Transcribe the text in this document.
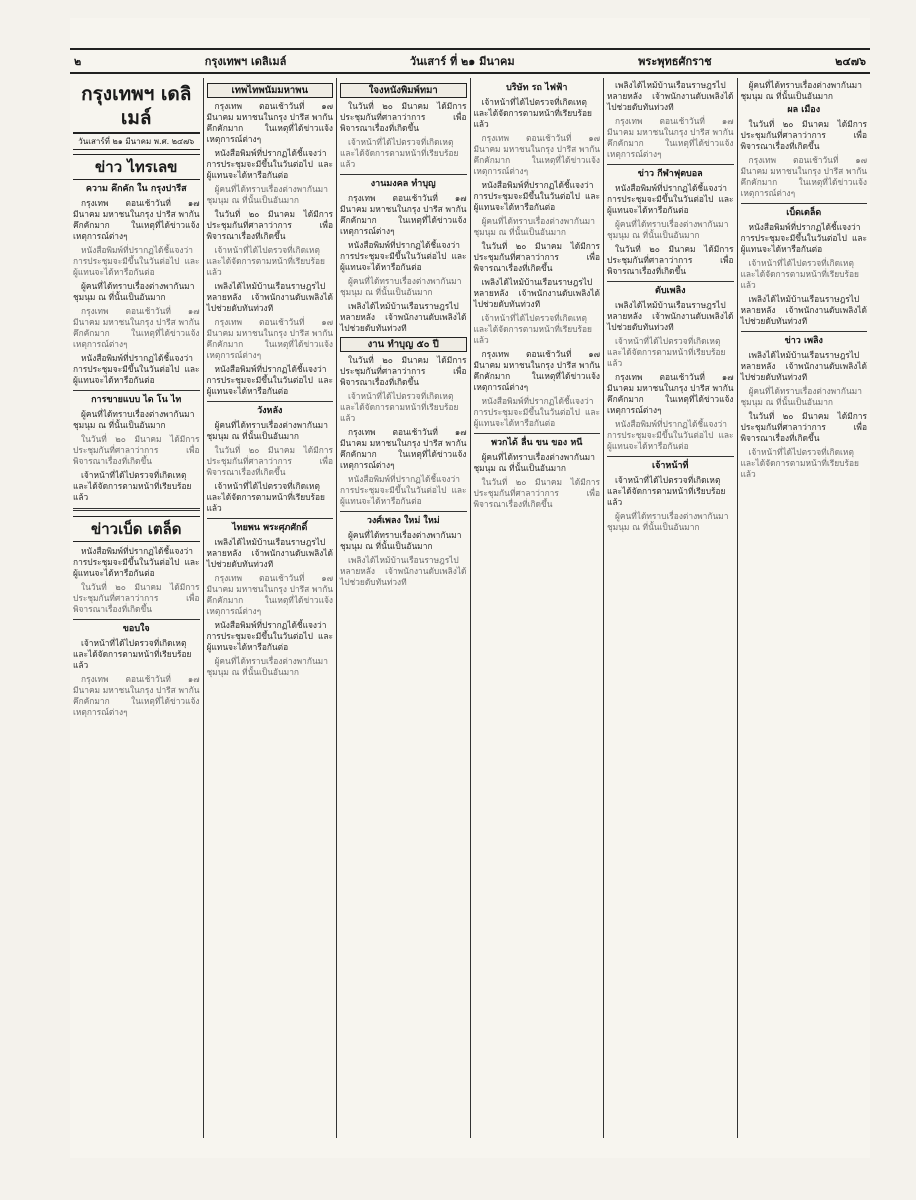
๒	กรุงเทพฯ เดลิเมล์	วันเสาร์ ที่ ๒๑ มีนาคม	พระพุทธศักราช	๒๔๗๖
กรุงเทพฯ เดลิเมล์
วันเสาร์ที่ ๒๑ มีนาคม พ.ศ. ๒๔๗๖
ข่าว ไทรเลข
ความ คึกคัก ใน กรุงปารีส

กรุงเทพ ตอนเช้าวันที่ ๑๗ มีนาคม มหาชนในกรุง ปารีส พากันคึกคักมาก ในเหตุที่ได้ข่าวแจ้งเหตุการณ์ต่างๆ

หนังสือพิมพ์ที่ปรากฏได้ชี้แจงว่า การประชุมจะมีขึ้นในวันต่อไป และผู้แทนจะได้หารือกันต่อ

ผู้คนที่ได้ทราบเรื่องต่างพากันมาชุมนุม ณ ที่นั้นเป็นอันมาก

กรุงเทพ ตอนเช้าวันที่ ๑๗ มีนาคม มหาชนในกรุง ปารีส พากันคึกคักมาก ในเหตุที่ได้ข่าวแจ้งเหตุการณ์ต่างๆ

หนังสือพิมพ์ที่ปรากฏได้ชี้แจงว่า การประชุมจะมีขึ้นในวันต่อไป และผู้แทนจะได้หารือกันต่อ

การขายแบบ ได โน ไท

ผู้คนที่ได้ทราบเรื่องต่างพากันมาชุมนุม ณ ที่นั้นเป็นอันมาก

ในวันที่ ๒๐ มีนาคม ได้มีการประชุมกันที่ศาลาว่าการ เพื่อพิจารณาเรื่องที่เกิดขึ้น

เจ้าหน้าที่ได้ไปตรวจที่เกิดเหตุ และได้จัดการตามหน้าที่เรียบร้อยแล้ว

ข่าวเบ็ด เตล็ด

หนังสือพิมพ์ที่ปรากฏได้ชี้แจงว่า การประชุมจะมีขึ้นในวันต่อไป และผู้แทนจะได้หารือกันต่อ

ในวันที่ ๒๐ มีนาคม ได้มีการประชุมกันที่ศาลาว่าการ เพื่อพิจารณาเรื่องที่เกิดขึ้น

ขอบใจ

เจ้าหน้าที่ได้ไปตรวจที่เกิดเหตุ และได้จัดการตามหน้าที่เรียบร้อยแล้ว

กรุงเทพ ตอนเช้าวันที่ ๑๗ มีนาคม มหาชนในกรุง ปารีส พากันคึกคักมาก ในเหตุที่ได้ข่าวแจ้งเหตุการณ์ต่างๆ

เทพไทพนัมมหาพน

กรุงเทพ ตอนเช้าวันที่ ๑๗ มีนาคม มหาชนในกรุง ปารีส พากันคึกคักมาก ในเหตุที่ได้ข่าวแจ้งเหตุการณ์ต่างๆ

หนังสือพิมพ์ที่ปรากฏได้ชี้แจงว่า การประชุมจะมีขึ้นในวันต่อไป และผู้แทนจะได้หารือกันต่อ

ผู้คนที่ได้ทราบเรื่องต่างพากันมาชุมนุม ณ ที่นั้นเป็นอันมาก

ในวันที่ ๒๐ มีนาคม ได้มีการประชุมกันที่ศาลาว่าการ เพื่อพิจารณาเรื่องที่เกิดขึ้น

เจ้าหน้าที่ได้ไปตรวจที่เกิดเหตุ และได้จัดการตามหน้าที่เรียบร้อยแล้ว

เพลิงได้ไหม้บ้านเรือนราษฎรไปหลายหลัง เจ้าพนักงานดับเพลิงได้ไปช่วยดับทันท่วงที

กรุงเทพ ตอนเช้าวันที่ ๑๗ มีนาคม มหาชนในกรุง ปารีส พากันคึกคักมาก ในเหตุที่ได้ข่าวแจ้งเหตุการณ์ต่างๆ

หนังสือพิมพ์ที่ปรากฏได้ชี้แจงว่า การประชุมจะมีขึ้นในวันต่อไป และผู้แทนจะได้หารือกันต่อ

วังหลัง

ผู้คนที่ได้ทราบเรื่องต่างพากันมาชุมนุม ณ ที่นั้นเป็นอันมาก

ในวันที่ ๒๐ มีนาคม ได้มีการประชุมกันที่ศาลาว่าการ เพื่อพิจารณาเรื่องที่เกิดขึ้น

เจ้าหน้าที่ได้ไปตรวจที่เกิดเหตุ และได้จัดการตามหน้าที่เรียบร้อยแล้ว

ไทยพน พระศุภศักดิ์

เพลิงได้ไหม้บ้านเรือนราษฎรไปหลายหลัง เจ้าพนักงานดับเพลิงได้ไปช่วยดับทันท่วงที

กรุงเทพ ตอนเช้าวันที่ ๑๗ มีนาคม มหาชนในกรุง ปารีส พากันคึกคักมาก ในเหตุที่ได้ข่าวแจ้งเหตุการณ์ต่างๆ

หนังสือพิมพ์ที่ปรากฏได้ชี้แจงว่า การประชุมจะมีขึ้นในวันต่อไป และผู้แทนจะได้หารือกันต่อ

ผู้คนที่ได้ทราบเรื่องต่างพากันมาชุมนุม ณ ที่นั้นเป็นอันมาก

ใจงหนังพิมพ์ทมา

ในวันที่ ๒๐ มีนาคม ได้มีการประชุมกันที่ศาลาว่าการ เพื่อพิจารณาเรื่องที่เกิดขึ้น

เจ้าหน้าที่ได้ไปตรวจที่เกิดเหตุ และได้จัดการตามหน้าที่เรียบร้อยแล้ว

งานมงคล ทำบุญ

กรุงเทพ ตอนเช้าวันที่ ๑๗ มีนาคม มหาชนในกรุง ปารีส พากันคึกคักมาก ในเหตุที่ได้ข่าวแจ้งเหตุการณ์ต่างๆ

หนังสือพิมพ์ที่ปรากฏได้ชี้แจงว่า การประชุมจะมีขึ้นในวันต่อไป และผู้แทนจะได้หารือกันต่อ

ผู้คนที่ได้ทราบเรื่องต่างพากันมาชุมนุม ณ ที่นั้นเป็นอันมาก

เพลิงได้ไหม้บ้านเรือนราษฎรไปหลายหลัง เจ้าพนักงานดับเพลิงได้ไปช่วยดับทันท่วงที

งาน ทำบุญ ๕๐ ปี

ในวันที่ ๒๐ มีนาคม ได้มีการประชุมกันที่ศาลาว่าการ เพื่อพิจารณาเรื่องที่เกิดขึ้น

เจ้าหน้าที่ได้ไปตรวจที่เกิดเหตุ และได้จัดการตามหน้าที่เรียบร้อยแล้ว

กรุงเทพ ตอนเช้าวันที่ ๑๗ มีนาคม มหาชนในกรุง ปารีส พากันคึกคักมาก ในเหตุที่ได้ข่าวแจ้งเหตุการณ์ต่างๆ

หนังสือพิมพ์ที่ปรากฏได้ชี้แจงว่า การประชุมจะมีขึ้นในวันต่อไป และผู้แทนจะได้หารือกันต่อ

วงศ์เพลง ใหม่ ใหม่

ผู้คนที่ได้ทราบเรื่องต่างพากันมาชุมนุม ณ ที่นั้นเป็นอันมาก

เพลิงได้ไหม้บ้านเรือนราษฎรไปหลายหลัง เจ้าพนักงานดับเพลิงได้ไปช่วยดับทันท่วงที

บริษัท รถ ไฟฟ้า

เจ้าหน้าที่ได้ไปตรวจที่เกิดเหตุ และได้จัดการตามหน้าที่เรียบร้อยแล้ว

กรุงเทพ ตอนเช้าวันที่ ๑๗ มีนาคม มหาชนในกรุง ปารีส พากันคึกคักมาก ในเหตุที่ได้ข่าวแจ้งเหตุการณ์ต่างๆ

หนังสือพิมพ์ที่ปรากฏได้ชี้แจงว่า การประชุมจะมีขึ้นในวันต่อไป และผู้แทนจะได้หารือกันต่อ

ผู้คนที่ได้ทราบเรื่องต่างพากันมาชุมนุม ณ ที่นั้นเป็นอันมาก

ในวันที่ ๒๐ มีนาคม ได้มีการประชุมกันที่ศาลาว่าการ เพื่อพิจารณาเรื่องที่เกิดขึ้น

เพลิงได้ไหม้บ้านเรือนราษฎรไปหลายหลัง เจ้าพนักงานดับเพลิงได้ไปช่วยดับทันท่วงที

เจ้าหน้าที่ได้ไปตรวจที่เกิดเหตุ และได้จัดการตามหน้าที่เรียบร้อยแล้ว

กรุงเทพ ตอนเช้าวันที่ ๑๗ มีนาคม มหาชนในกรุง ปารีส พากันคึกคักมาก ในเหตุที่ได้ข่าวแจ้งเหตุการณ์ต่างๆ

หนังสือพิมพ์ที่ปรากฏได้ชี้แจงว่า การประชุมจะมีขึ้นในวันต่อไป และผู้แทนจะได้หารือกันต่อ

พวกได้ ลื่น ขน ของ หนี

ผู้คนที่ได้ทราบเรื่องต่างพากันมาชุมนุม ณ ที่นั้นเป็นอันมาก

ในวันที่ ๒๐ มีนาคม ได้มีการประชุมกันที่ศาลาว่าการ เพื่อพิจารณาเรื่องที่เกิดขึ้น

เพลิงได้ไหม้บ้านเรือนราษฎรไปหลายหลัง เจ้าพนักงานดับเพลิงได้ไปช่วยดับทันท่วงที

กรุงเทพ ตอนเช้าวันที่ ๑๗ มีนาคม มหาชนในกรุง ปารีส พากันคึกคักมาก ในเหตุที่ได้ข่าวแจ้งเหตุการณ์ต่างๆ

ข่าว กีฬาฟุตบอล

หนังสือพิมพ์ที่ปรากฏได้ชี้แจงว่า การประชุมจะมีขึ้นในวันต่อไป และผู้แทนจะได้หารือกันต่อ

ผู้คนที่ได้ทราบเรื่องต่างพากันมาชุมนุม ณ ที่นั้นเป็นอันมาก

ในวันที่ ๒๐ มีนาคม ได้มีการประชุมกันที่ศาลาว่าการ เพื่อพิจารณาเรื่องที่เกิดขึ้น

ตับเพลิง

เพลิงได้ไหม้บ้านเรือนราษฎรไปหลายหลัง เจ้าพนักงานดับเพลิงได้ไปช่วยดับทันท่วงที

เจ้าหน้าที่ได้ไปตรวจที่เกิดเหตุ และได้จัดการตามหน้าที่เรียบร้อยแล้ว

กรุงเทพ ตอนเช้าวันที่ ๑๗ มีนาคม มหาชนในกรุง ปารีส พากันคึกคักมาก ในเหตุที่ได้ข่าวแจ้งเหตุการณ์ต่างๆ

หนังสือพิมพ์ที่ปรากฏได้ชี้แจงว่า การประชุมจะมีขึ้นในวันต่อไป และผู้แทนจะได้หารือกันต่อ

เจ้าหน้าที่

เจ้าหน้าที่ได้ไปตรวจที่เกิดเหตุ และได้จัดการตามหน้าที่เรียบร้อยแล้ว

ผู้คนที่ได้ทราบเรื่องต่างพากันมาชุมนุม ณ ที่นั้นเป็นอันมาก

ผู้คนที่ได้ทราบเรื่องต่างพากันมาชุมนุม ณ ที่นั้นเป็นอันมาก

ผล เมือง

ในวันที่ ๒๐ มีนาคม ได้มีการประชุมกันที่ศาลาว่าการ เพื่อพิจารณาเรื่องที่เกิดขึ้น

กรุงเทพ ตอนเช้าวันที่ ๑๗ มีนาคม มหาชนในกรุง ปารีส พากันคึกคักมาก ในเหตุที่ได้ข่าวแจ้งเหตุการณ์ต่างๆ

เบ็ดเตล็ด

หนังสือพิมพ์ที่ปรากฏได้ชี้แจงว่า การประชุมจะมีขึ้นในวันต่อไป และผู้แทนจะได้หารือกันต่อ

เจ้าหน้าที่ได้ไปตรวจที่เกิดเหตุ และได้จัดการตามหน้าที่เรียบร้อยแล้ว

เพลิงได้ไหม้บ้านเรือนราษฎรไปหลายหลัง เจ้าพนักงานดับเพลิงได้ไปช่วยดับทันท่วงที

ข่าว เพลิง

เพลิงได้ไหม้บ้านเรือนราษฎรไปหลายหลัง เจ้าพนักงานดับเพลิงได้ไปช่วยดับทันท่วงที

ผู้คนที่ได้ทราบเรื่องต่างพากันมาชุมนุม ณ ที่นั้นเป็นอันมาก

ในวันที่ ๒๐ มีนาคม ได้มีการประชุมกันที่ศาลาว่าการ เพื่อพิจารณาเรื่องที่เกิดขึ้น

เจ้าหน้าที่ได้ไปตรวจที่เกิดเหตุ และได้จัดการตามหน้าที่เรียบร้อยแล้ว
